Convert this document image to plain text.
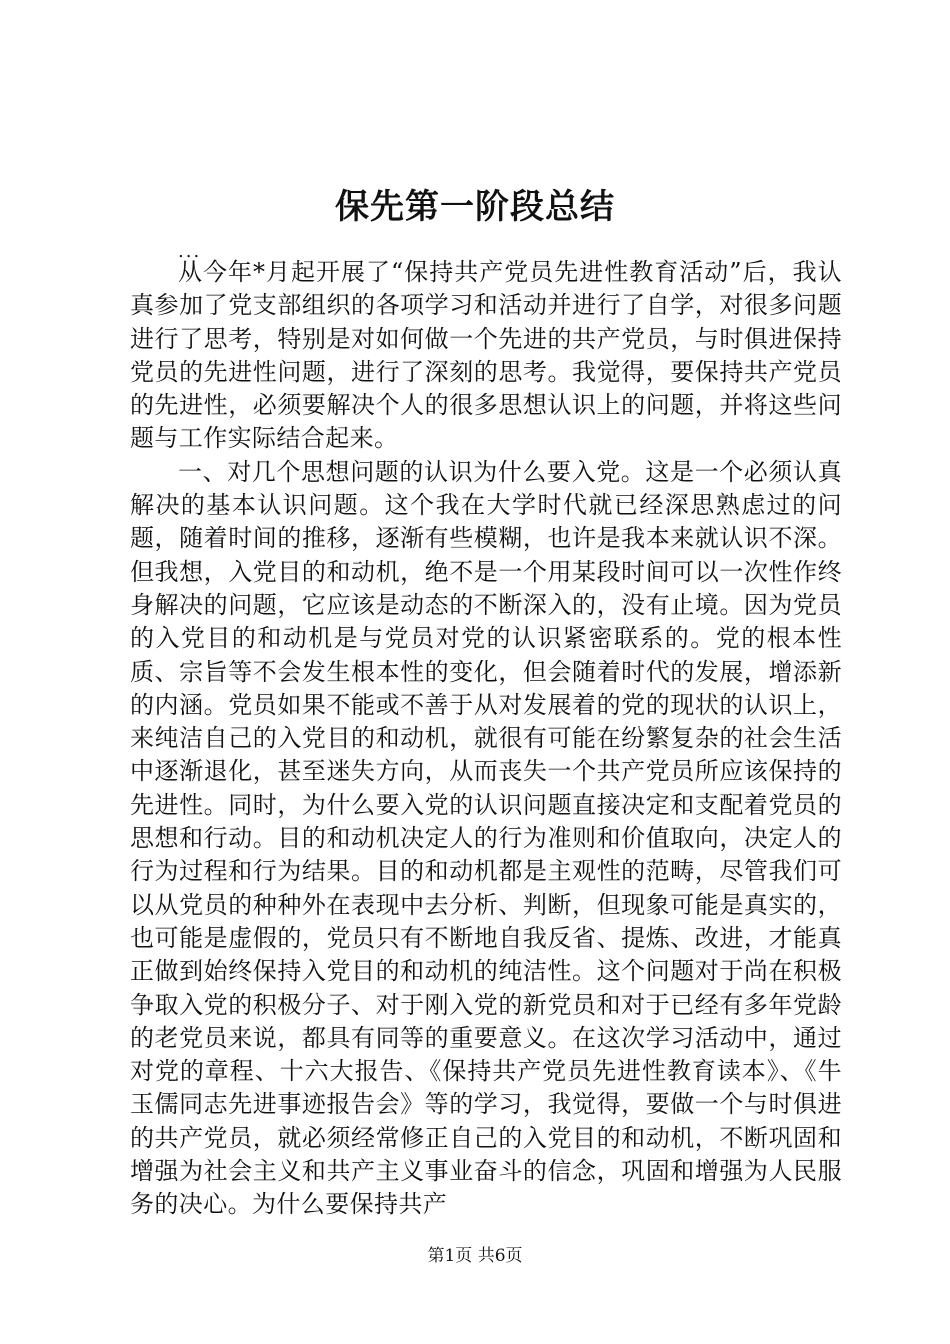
保先第一阶段总结
...

从今年*月起开展了“保持共产党员先进性教育活动”后，我认真参加了党支部组织的各项学习和活动并进行了自学，对很多问题进行了思考，特别是对如何做一个先进的共产党员，与时俱进保持党员的先进性问题，进行了深刻的思考。我觉得，要保持共产党员的先进性，必须要解决个人的很多思想认识上的问题，并将这些问题与工作实际结合起来。

一、对几个思想问题的认识为什么要入党。这是一个必须认真解决的基本认识问题。这个我在大学时代就已经深思熟虑过的问题，随着时间的推移，逐渐有些模糊，也许是我本来就认识不深。但我想，入党目的和动机，绝不是一个用某段时间可以一次性作终身解决的问题，它应该是动态的不断深入的，没有止境。因为党员的入党目的和动机是与党员对党的认识紧密联系的。党的根本性质、宗旨等不会发生根本性的变化，但会随着时代的发展，增添新的内涵。党员如果不能或不善于从对发展着的党的现状的认识上，来纯洁自己的入党目的和动机，就很有可能在纷繁复杂的社会生活中逐渐退化，甚至迷失方向，从而丧失一个共产党员所应该保持的先进性。同时，为什么要入党的认识问题直接决定和支配着党员的思想和行动。目的和动机决定人的行为准则和价值取向，决定人的行为过程和行为结果。目的和动机都是主观性的范畴，尽管我们可以从党员的种种外在表现中去分析、判断，但现象可能是真实的，也可能是虚假的，党员只有不断地自我反省、提炼、改进，才能真正做到始终保持入党目的和动机的纯洁性。这个问题对于尚在积极争取入党的积极分子、对于刚入党的新党员和对于已经有多年党龄的老党员来说，都具有同等的重要意义。在这次学习活动中，通过对党的章程、十六大报告、《保持共产党员先进性教育读本》、《牛玉儒同志先进事迹报告会》等的学习，我觉得，要做一个与时俱进的共产党员，就必须经常修正自己的入党目的和动机，不断巩固和增强为社会主义和共产主义事业奋斗的信念，巩固和增强为人民服务的决心。为什么要保持共产

第1页 共6页
